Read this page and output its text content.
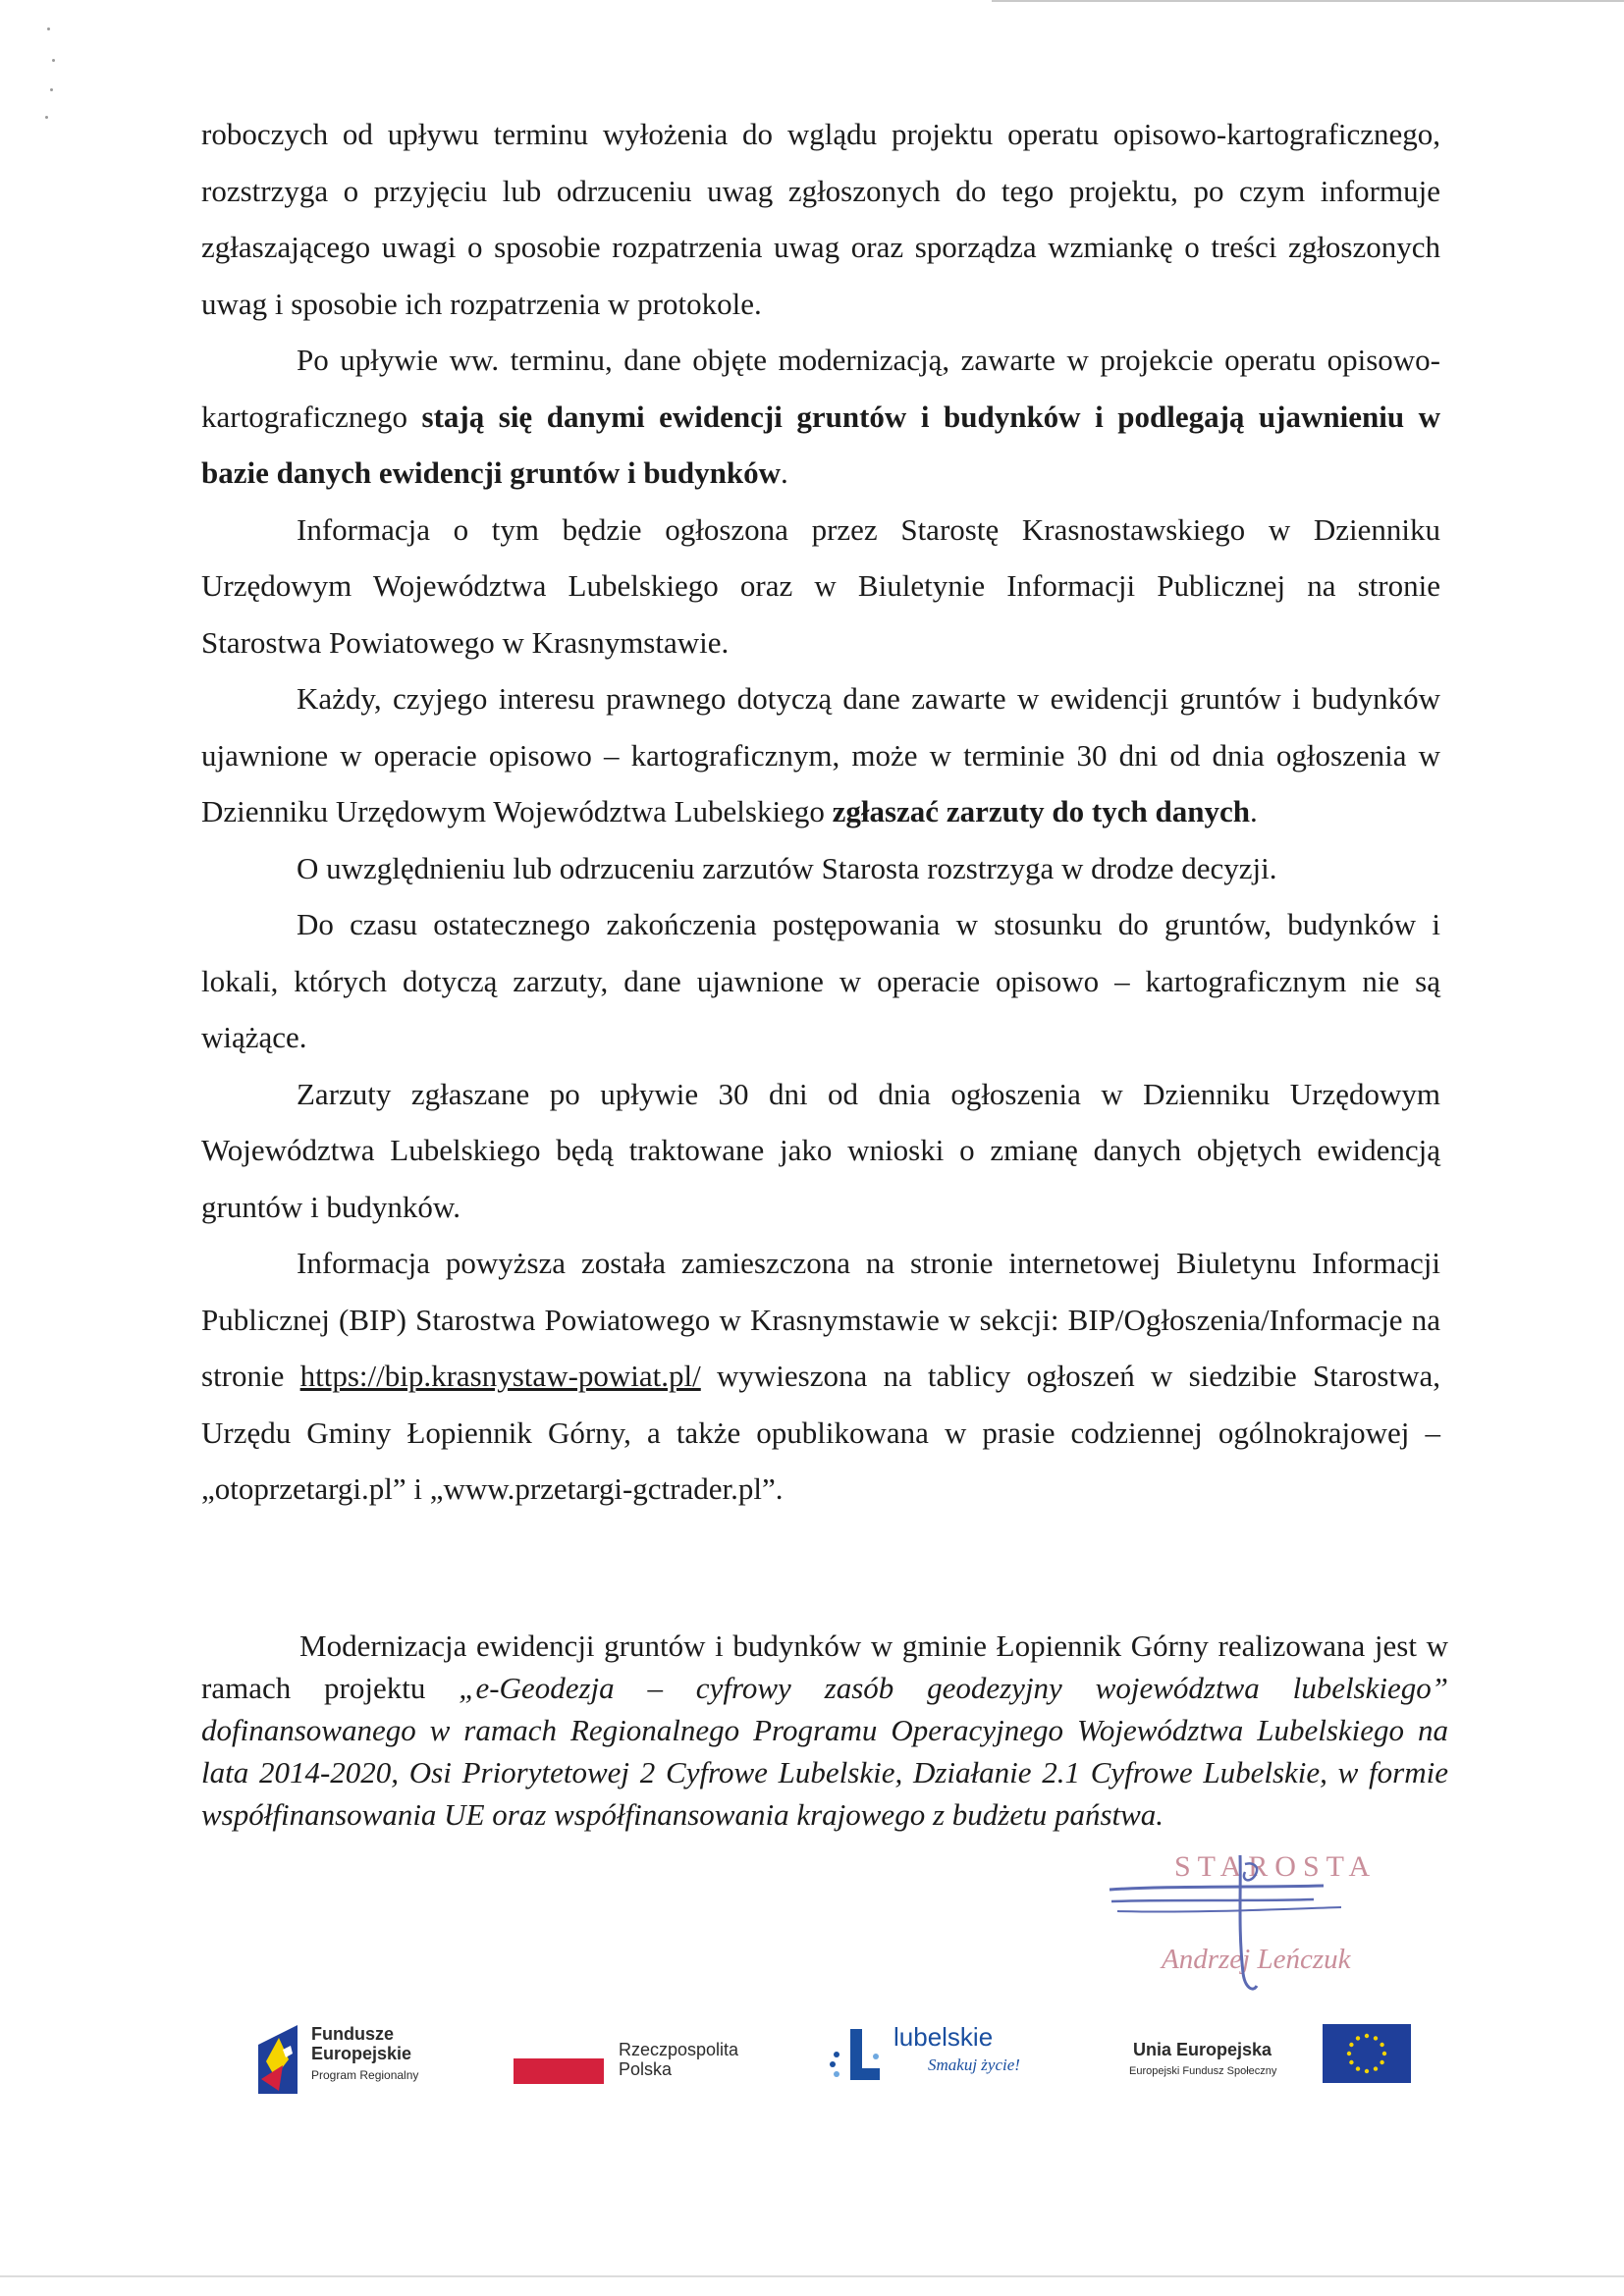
roboczych od upływu terminu wyłożenia do wglądu projektu operatu opisowo-kartograficznego, rozstrzyga o przyjęciu lub odrzuceniu uwag zgłoszonych do tego projektu, po czym informuje zgłaszającego uwagi o sposobie rozpatrzenia uwag oraz sporządza wzmiankę o treści zgłoszonych uwag i sposobie ich rozpatrzenia w protokole.

Po upływie ww. terminu, dane objęte modernizacją, zawarte w projekcie operatu opisowo-kartograficznego stają się danymi ewidencji gruntów i budynków i podlegają ujawnieniu w bazie danych ewidencji gruntów i budynków.

Informacja o tym będzie ogłoszona przez Starostę Krasnostawskiego w Dzienniku Urzędowym Województwa Lubelskiego oraz w Biuletynie Informacji Publicznej na stronie Starostwa Powiatowego w Krasnymstawie.

Każdy, czyjego interesu prawnego dotyczą dane zawarte w ewidencji gruntów i budynków ujawnione w operacie opisowo – kartograficznym, może w terminie 30 dni od dnia ogłoszenia w Dzienniku Urzędowym Województwa Lubelskiego zgłaszać zarzuty do tych danych.

O uwzględnieniu lub odrzuceniu zarzutów Starosta rozstrzyga w drodze decyzji.

Do czasu ostatecznego zakończenia postępowania w stosunku do gruntów, budynków i lokali, których dotyczą zarzuty, dane ujawnione w operacie opisowo – kartograficznym nie są wiążące.

Zarzuty zgłaszane po upływie 30 dni od dnia ogłoszenia w Dzienniku Urzędowym Województwa Lubelskiego będą traktowane jako wnioski o zmianę danych objętych ewidencją gruntów i budynków.

Informacja powyższa została zamieszczona na stronie internetowej Biuletynu Informacji Publicznej (BIP) Starostwa Powiatowego w Krasnymstawie w sekcji: BIP/Ogłoszenia/Informacje na stronie https://bip.krasnystaw-powiat.pl/ wywieszona na tablicy ogłoszeń w siedzibie Starostwa, Urzędu Gminy Łopiennik Górny, a także opublikowana w prasie codziennej ogólnokrajowej – „otoprzetargi.pl” i „www.przetargi-gctrader.pl”.

Modernizacja ewidencji gruntów i budynków w gminie Łopiennik Górny realizowana jest w ramach projektu „e-Geodezja – cyfrowy zasób geodezyjny województwa lubelskiego” dofinansowanego w ramach Regionalnego Programu Operacyjnego Województwa Lubelskiego na lata 2014-2020, Osi Priorytetowej 2 Cyfrowe Lubelskie, Działanie 2.1 Cyfrowe Lubelskie, w formie współfinansowania UE oraz współfinansowania krajowego z budżetu państwa.
STAROSTA
Andrzej Leńczuk
Fundusze
Europejskie
Program Regionalny
Rzeczpospolita
Polska
lubelskie
Smakuj życie!
Unia Europejska
Europejski Fundusz Społeczny
